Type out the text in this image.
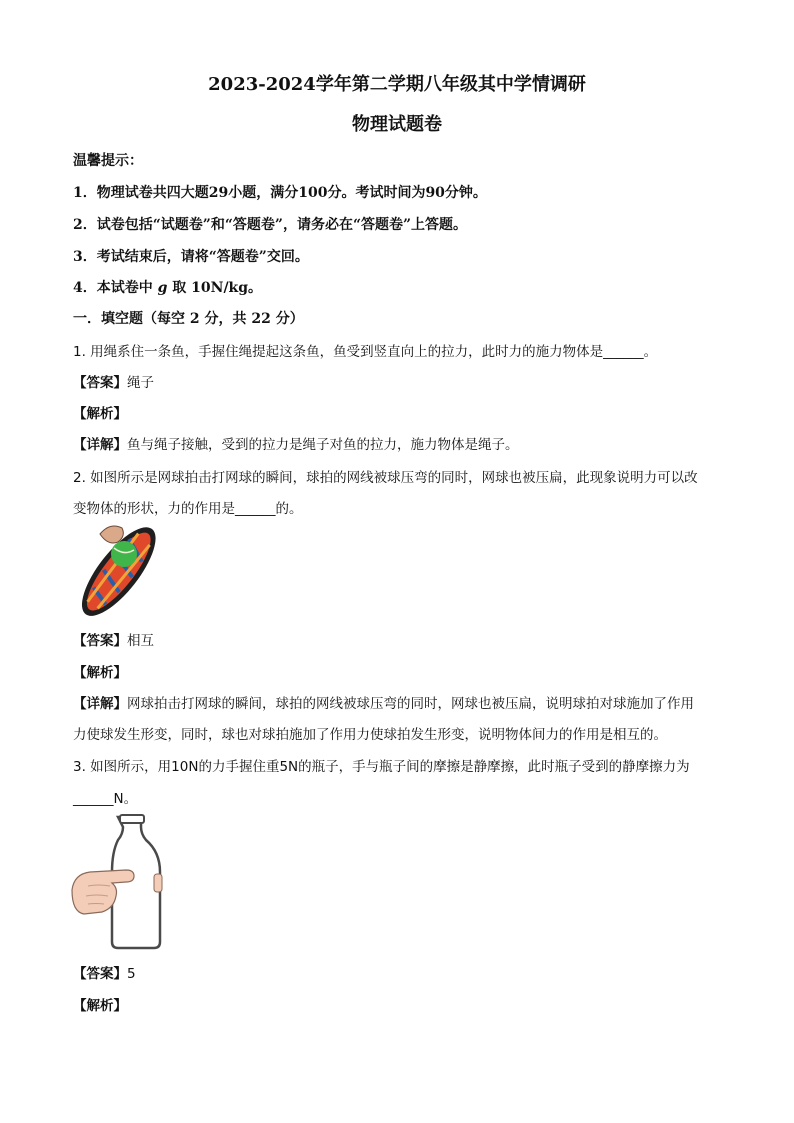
2023-2024学年第二学期八年级其中学情调研
物理试题卷
温馨提示：
1．物理试卷共四大题29小题，满分100分。考试时间为90分钟。
2．试卷包括“试题卷”和“答题卷”，请务必在“答题卷”上答题。
3．考试结束后，请将“答题卷”交回。
4．本试卷中 g 取 10N/kg。
一．填空题（每空 2 分，共 22 分）
1. 用绳系住一条鱼，手握住绳提起这条鱼，鱼受到竖直向上的拉力，此时力的施力物体是______。
【答案】绳子
【解析】
【详解】鱼与绳子接触，受到的拉力是绳子对鱼的拉力，施力物体是绳子。
2. 如图所示是网球拍击打网球的瞬间，球拍的网线被球压弯的同时，网球也被压扁，此现象说明力可以改
变物体的形状，力的作用是______的。
【答案】相互
【解析】
【详解】网球拍击打网球的瞬间，球拍的网线被球压弯的同时，网球也被压扁，说明球拍对球施加了作用
力使球发生形变，同时，球也对球拍施加了作用力使球拍发生形变，说明物体间力的作用是相互的。
3. 如图所示，用10N的力手握住重5N的瓶子，手与瓶子间的摩擦是静摩擦，此时瓶子受到的静摩擦力为
______N。
【答案】5
【解析】
